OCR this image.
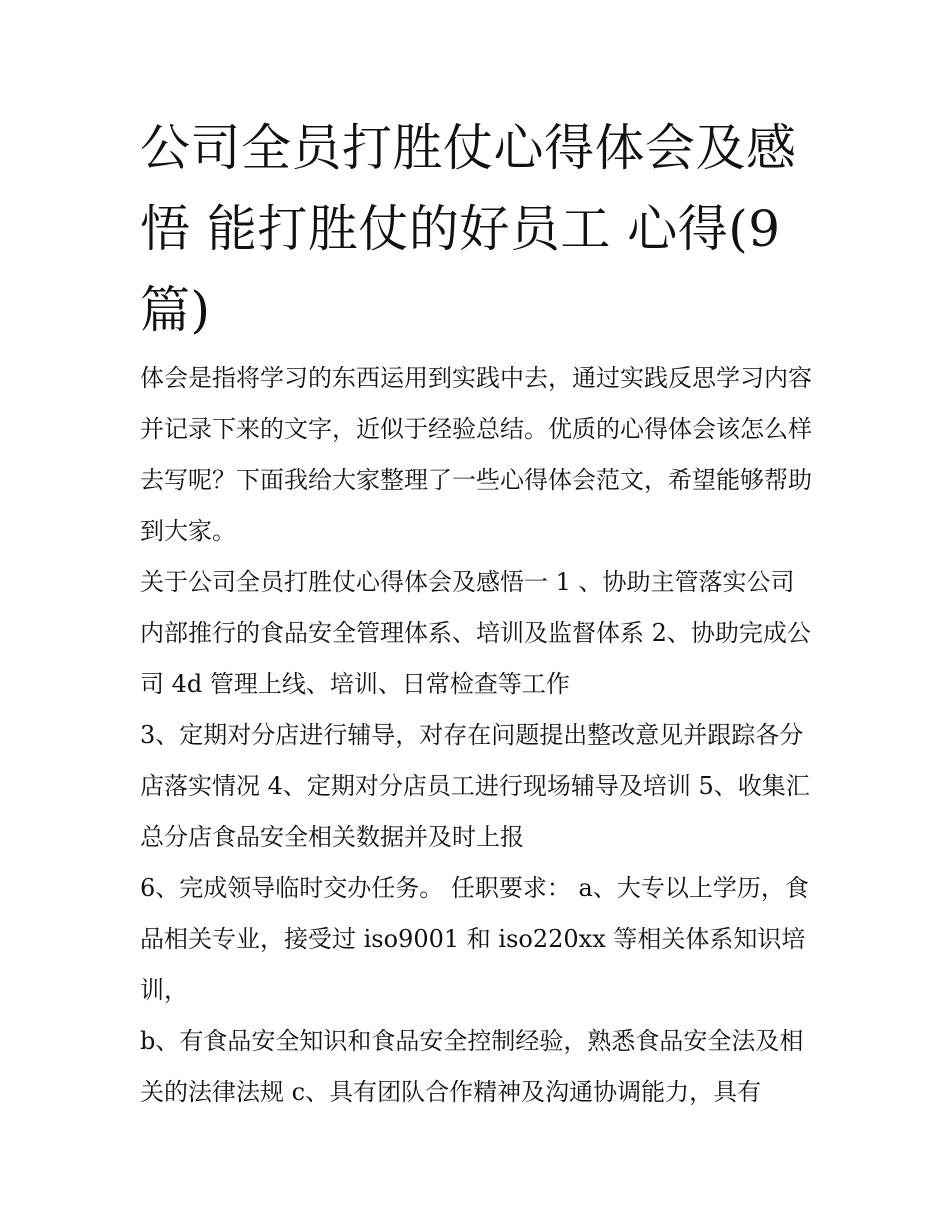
公司全员打胜仗心得体会及感悟 能打胜仗的好员工 心得(9篇)

体会是指将学习的东西运用到实践中去，通过实践反思学习内容并记录下来的文字，近似于经验总结。优质的心得体会该怎么样去写呢？下面我给大家整理了一些心得体会范文，希望能够帮助到大家。

关于公司全员打胜仗心得体会及感悟一 1 、协助主管落实公司内部推行的食品安全管理体系、培训及监督体系 2、协助完成公司 4d 管理上线、培训、日常检查等工作

3、定期对分店进行辅导，对存在问题提出整改意见并跟踪各分店落实情况 4、定期对分店员工进行现场辅导及培训 5、收集汇总分店食品安全相关数据并及时上报

6、完成领导临时交办任务。 任职要求： a、大专以上学历，食品相关专业，接受过 iso9001 和 iso220xx 等相关体系知识培训，

b、有食品安全知识和食品安全控制经验，熟悉食品安全法及相关的法律法规 c、具有团队合作精神及沟通协调能力，具有
